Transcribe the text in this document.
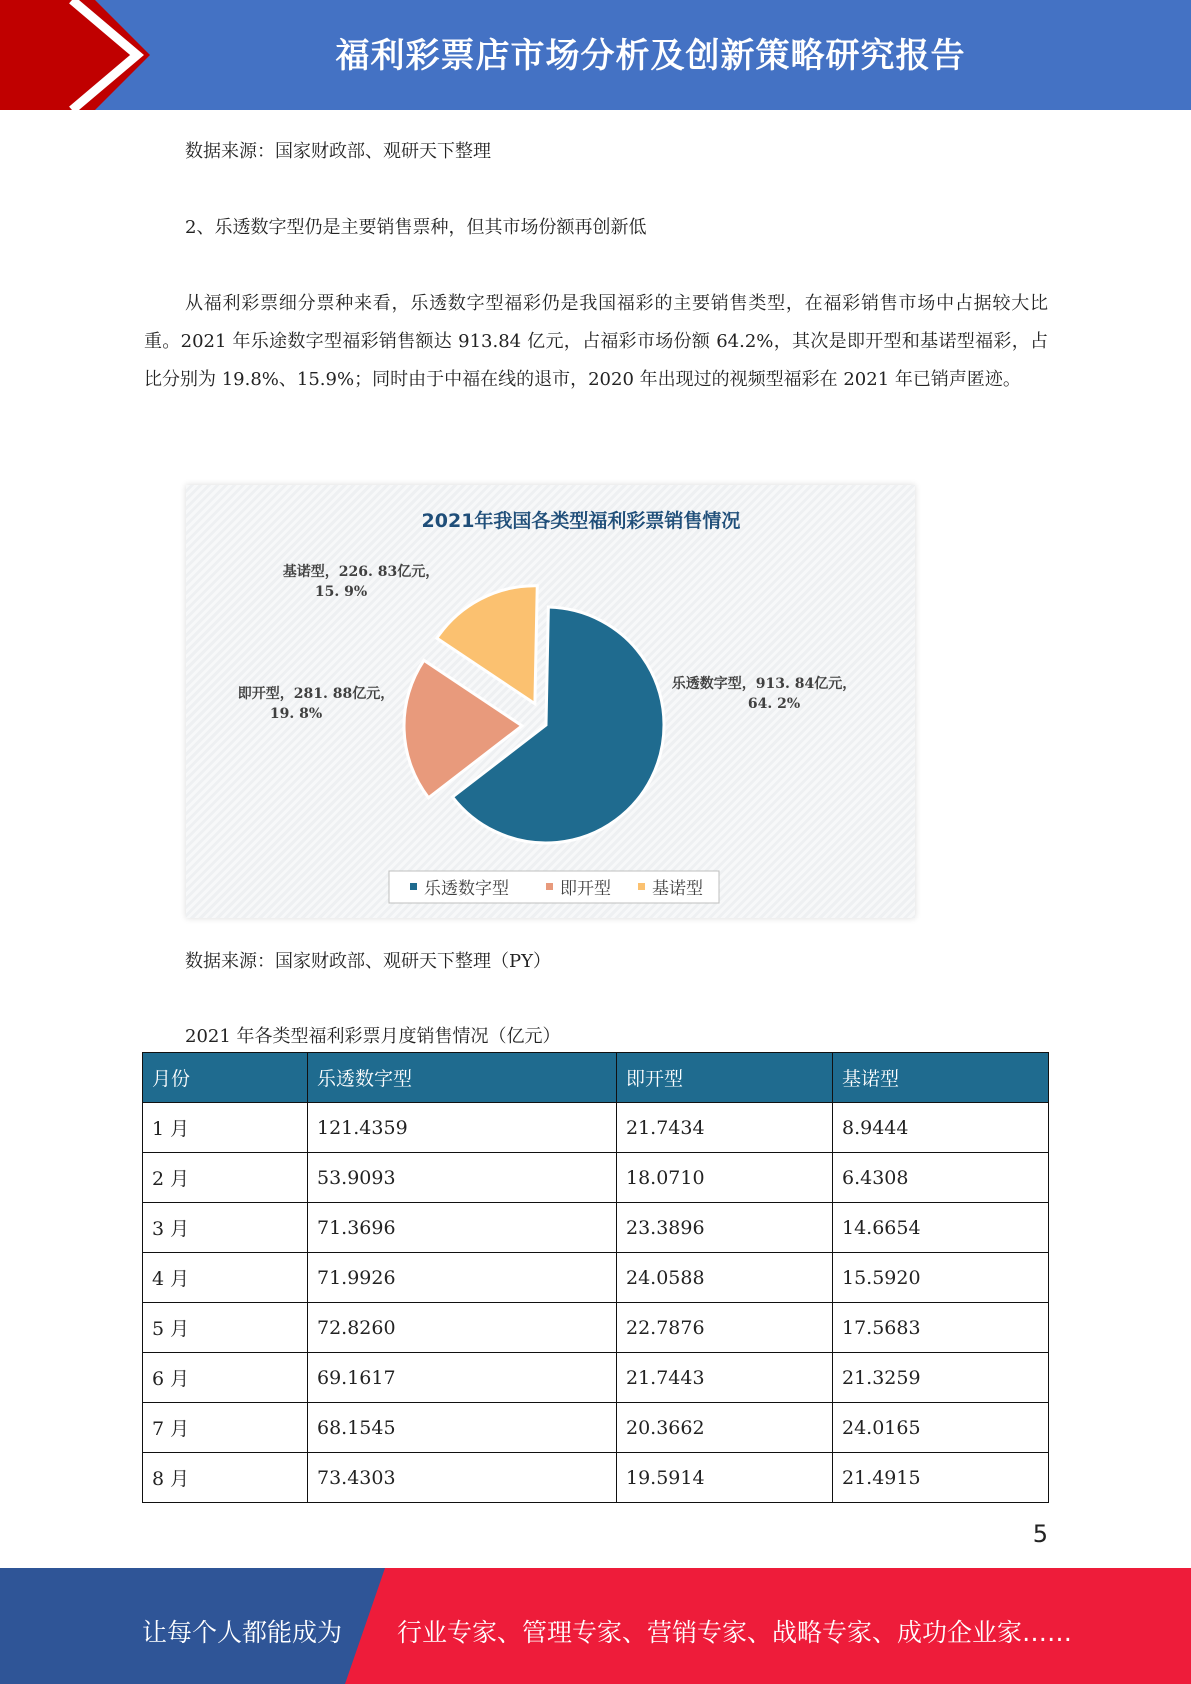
福利彩票店市场分析及创新策略研究报告
数据来源：国家财政部、观研天下整理
2、乐透数字型仍是主要销售票种，但其市场份额再创新低
从福利彩票细分票种来看，乐透数字型福彩仍是我国福彩的主要销售类型，在福彩销售市场中占据较大比重。2021 年乐途数字型福彩销售额达 913.84 亿元，占福彩市场份额 64.2%，其次是即开型和基诺型福彩，占比分别为 19.8%、15.9%；同时由于中福在线的退市，2020 年出现过的视频型福彩在 2021 年已销声匿迹。
2021年我国各类型福利彩票销售情况
乐透数字型，913. 84亿元，
64. 2%
即开型，281. 88亿元，
19. 8%
基诺型，226. 83亿元，
15. 9%
乐透数字型	即开型 基诺型
数据来源：国家财政部、观研天下整理（PY）
2021 年各类型福利彩票月度销售情况（亿元）
月份	乐透数字型	即开型	基诺型
1 月	121.4359	21.7434	8.9444
2 月	53.9093	18.0710	6.4308
3 月	71.3696	23.3896	14.6654
4 月	71.9926	24.0588	15.5920
5 月	72.8260	22.7876	17.5683
6 月	69.1617	21.7443	21.3259
7 月	68.1545	20.3662	24.0165
8 月	73.4303	19.5914	21.4915
5
让每个人都能成为 行业专家、管理专家、营销专家、战略专家、成功企业家……
